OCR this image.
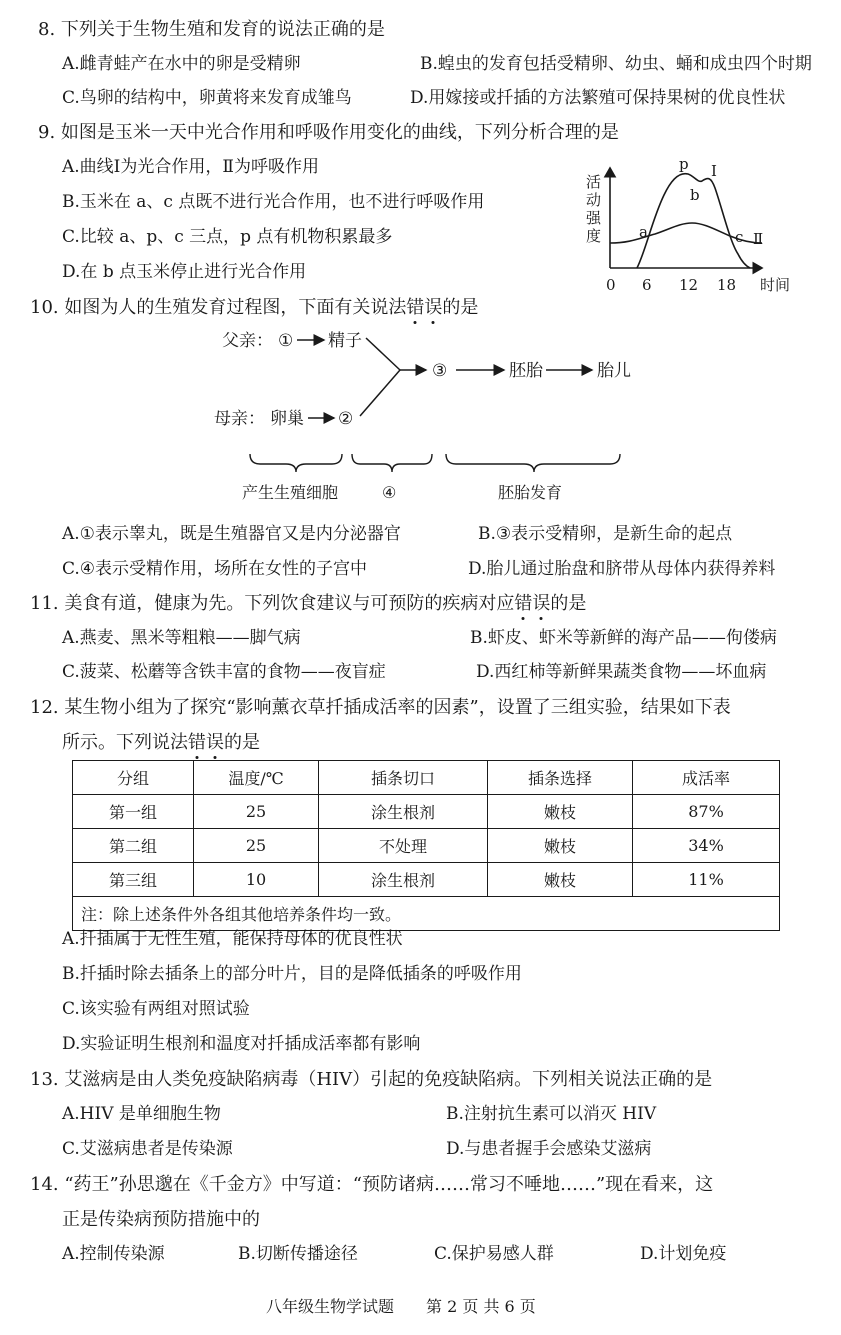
8. 下列关于生物生殖和发育的说法正确的是
A.雌青蛙产在水中的卵是受精卵	B.蝗虫的发育包括受精卵、幼虫、蛹和成虫四个时期
C.鸟卵的结构中，卵黄将来发育成雏鸟	D.用嫁接或扦插的方法繁殖可保持果树的优良性状
9. 如图是玉米一天中光合作用和呼吸作用变化的曲线，下列分析合理的是
A.曲线Ⅰ为光合作用，Ⅱ为呼吸作用
B.玉米在 a、c 点既不进行光合作用，也不进行呼吸作用
C.比较 a、p、c 三点，p 点有机物积累最多
D.在 b 点玉米停止进行光合作用
活
动
强
度
p Ⅰ
b
a	c Ⅱ
0 6 12 18 时间
10. 如图为人的生殖发育过程图，下面有关说法错误的是
父亲： ① 精子
母亲： 卵巢 ②
③	胚胎	胎儿
产生生殖细胞	④	胚胎发育
A.①表示睾丸，既是生殖器官又是内分泌器官	B.③表示受精卵，是新生命的起点
C.④表示受精作用，场所在女性的子宫中	D.胎儿通过胎盘和脐带从母体内获得养料
11. 美食有道，健康为先。下列饮食建议与可预防的疾病对应错误的是
A.燕麦、黑米等粗粮——脚气病	B.虾皮、虾米等新鲜的海产品——佝偻病
C.菠菜、松蘑等含铁丰富的食物——夜盲症	D.西红柿等新鲜果蔬类食物——坏血病
12. 某生物小组为了探究“影响薰衣草扦插成活率的因素”，设置了三组实验，结果如下表
所示。下列说法错误的是
分组	温度/℃	插条切口	插条选择	成活率
第一组	25	涂生根剂	嫩枝	87%
第二组	25	不处理	嫩枝	34%
第三组	10	涂生根剂	嫩枝	11%
注：除上述条件外各组其他培养条件均一致。				
A.扦插属于无性生殖，能保持母体的优良性状
B.扦插时除去插条上的部分叶片，目的是降低插条的呼吸作用
C.该实验有两组对照试验
D.实验证明生根剂和温度对扦插成活率都有影响
13. 艾滋病是由人类免疫缺陷病毒（HIV）引起的免疫缺陷病。下列相关说法正确的是
A.HIV 是单细胞生物	B.注射抗生素可以消灭 HIV
C.艾滋病患者是传染源	D.与患者握手会感染艾滋病
14. “药王”孙思邈在《千金方》中写道：“预防诸病……常习不唾地……”现在看来，这
正是传染病预防措施中的
A.控制传染源	B.切断传播途径	C.保护易感人群	D.计划免疫
八年级生物学试题　　第 2 页 共 6 页
